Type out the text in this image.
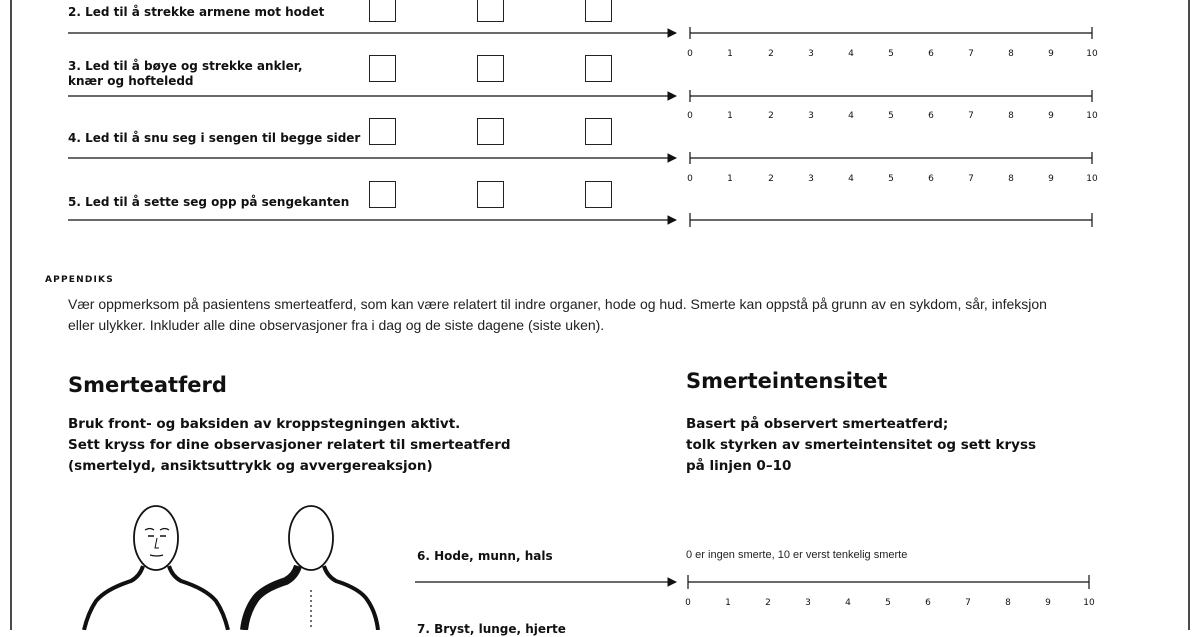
2. Led til å strekke armene mot hodet
3. Led til å bøye og strekke ankler,
knær og hofteledd
4. Led til å snu seg i sengen til begge sider
5. Led til å sette seg opp på sengekanten
0	1	2	3	4	5	6	7	8	9	10
0	1	2	3	4	5	6	7	8	9	10
0	1	2	3	4	5	6	7	8	9	10
0	1	2	3	4	5	6	7	8	9	10
APPENDIKS
Vær oppmerksom på pasientens smerteatferd, som kan være relatert til indre organer, hode og hud. Smerte kan oppstå på grunn av en sykdom, sår, infeksjon eller ulykker. Inkluder alle dine observasjoner fra i dag og de siste dagene (siste uken).
Smerteatferd
Bruk front- og baksiden av kroppstegningen aktivt.
Sett kryss for dine observasjoner relatert til smerteatferd
(smertelyd, ansiktsuttrykk og avvergereaksjon)
Smerteintensitet
Basert på observert smerteatferd;
tolk styrken av smerteintensitet og sett kryss
på linjen 0–10
6. Hode, munn, hals
7. Bryst, lunge, hjerte
0 er ingen smerte, 10 er verst tenkelig smerte
